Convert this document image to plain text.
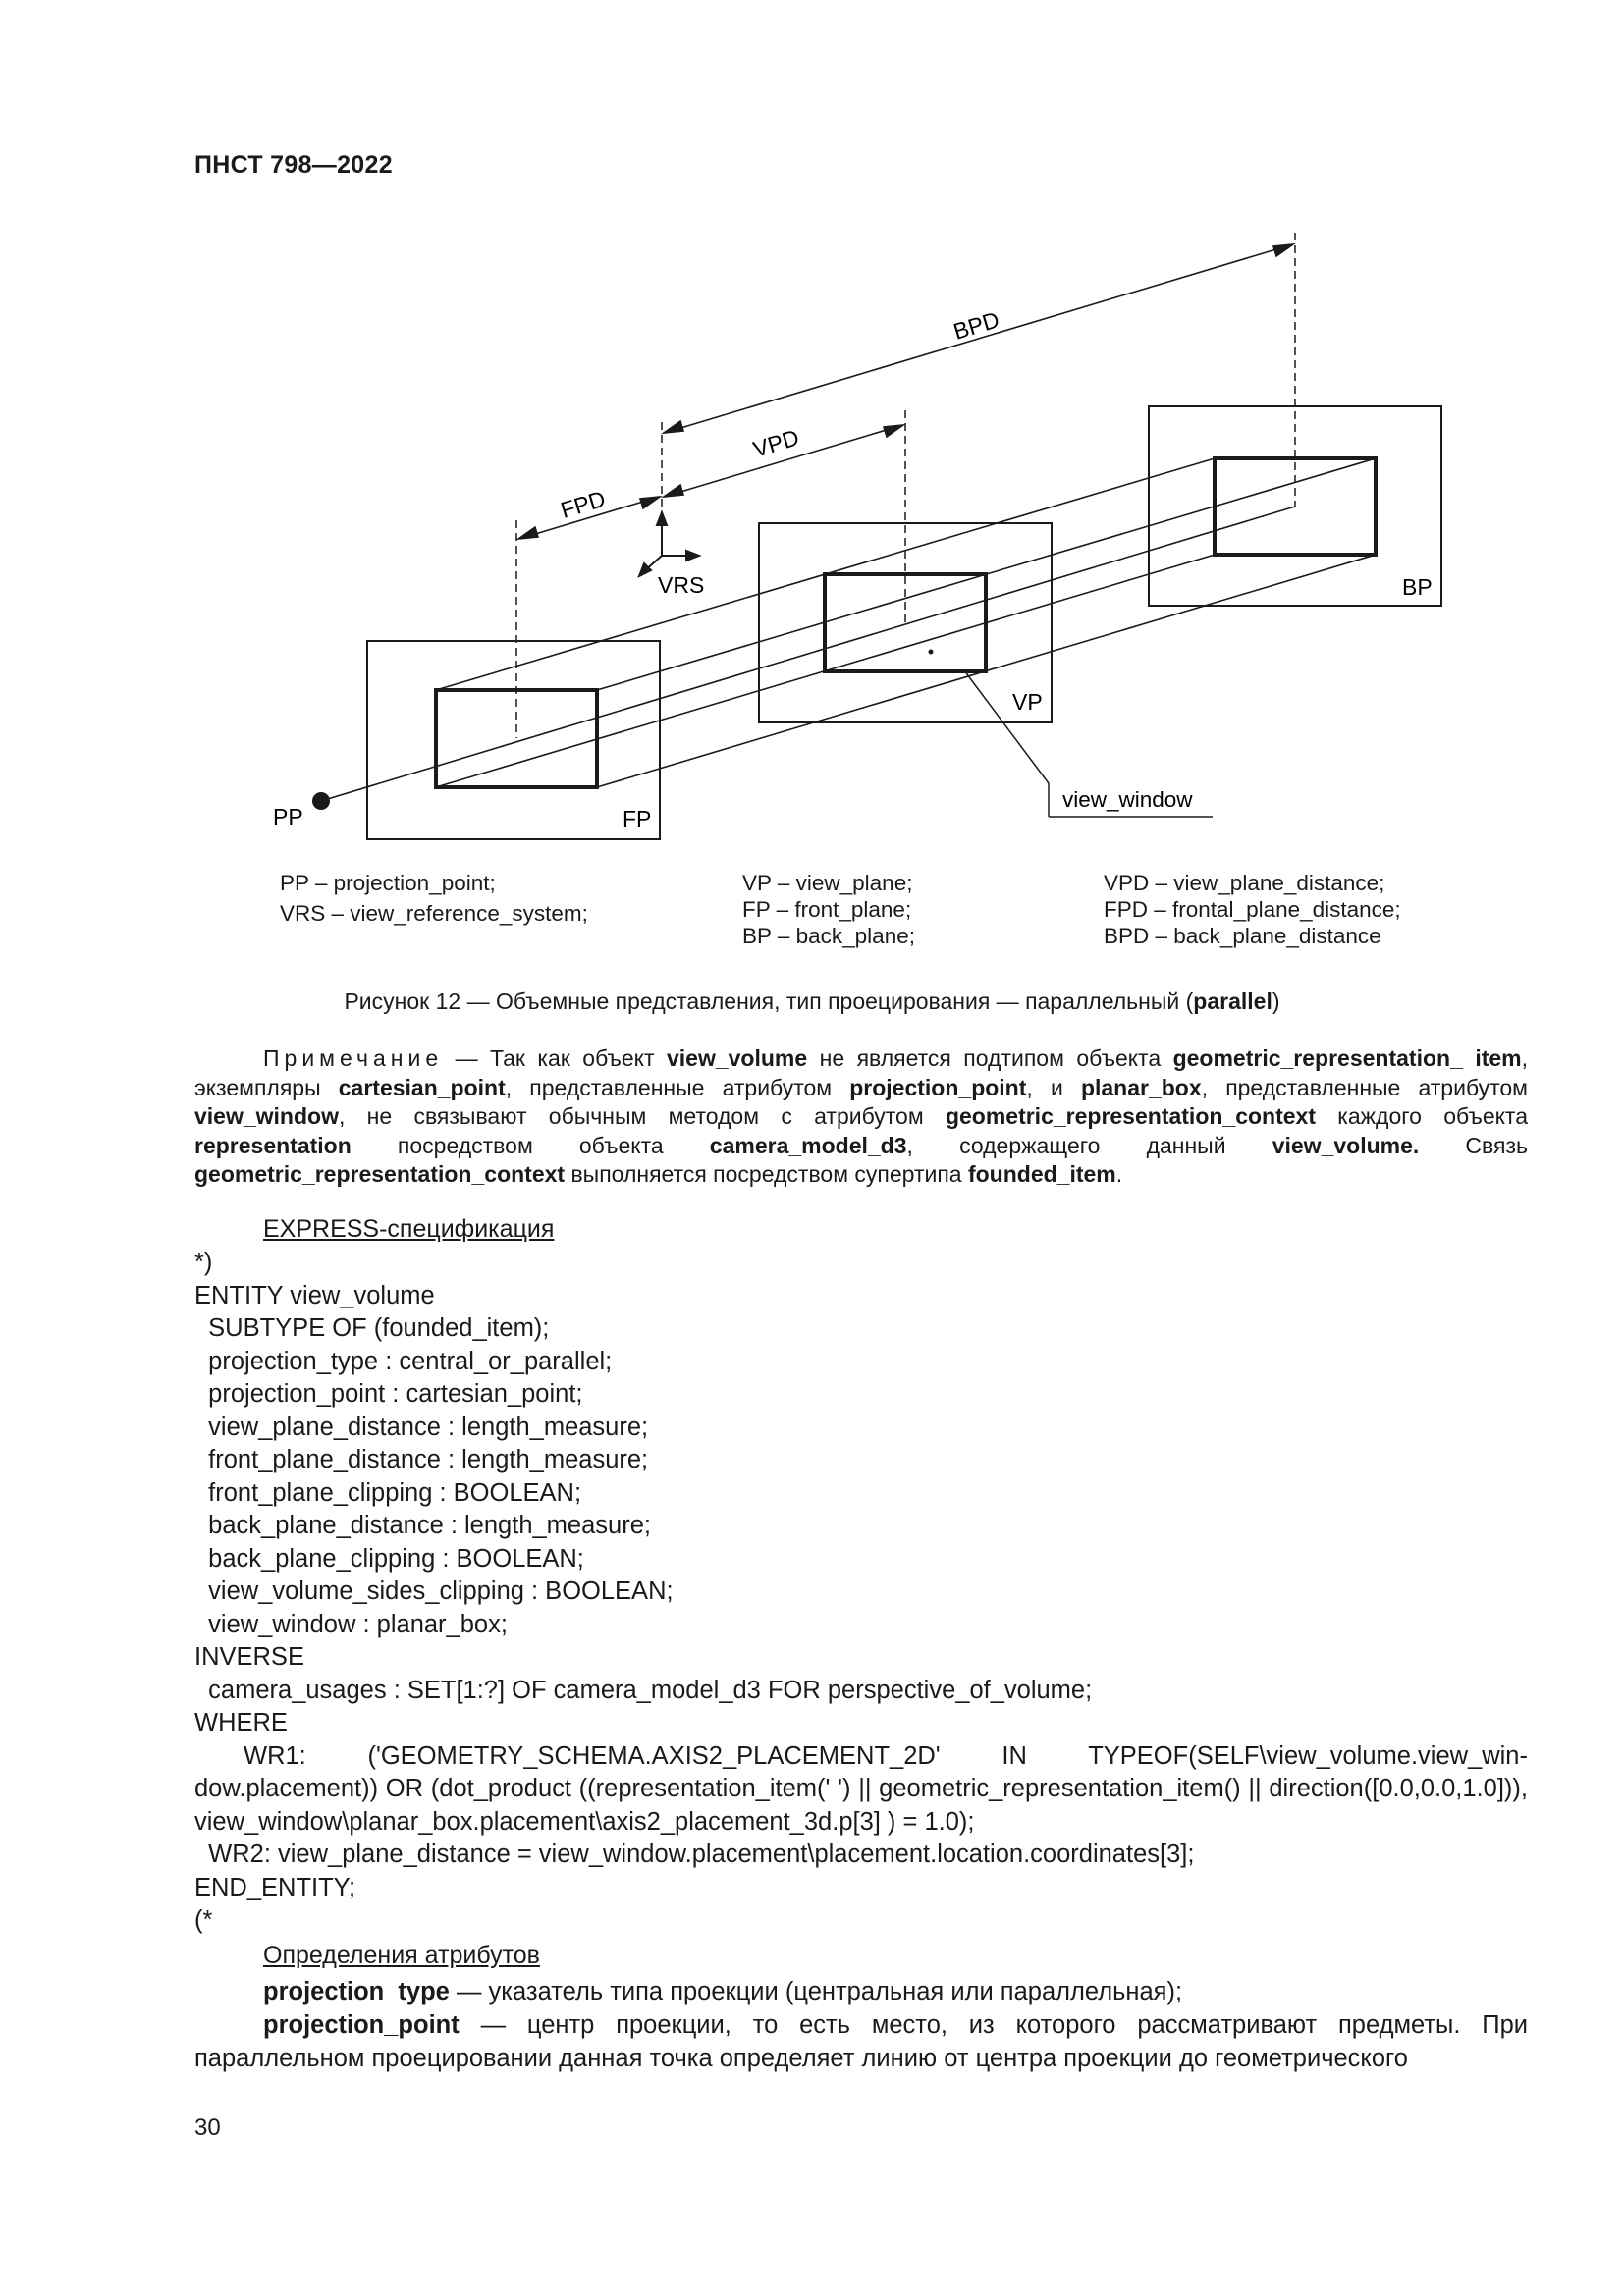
ПНСТ 798—2022
BPD
VPD
FPD
VRS	BP
VP
FP
PP
view_window
PP – projection_point;
VRS – view_reference_system;
VP – view_plane;
FP – front_plane;
BP – back_plane;
VPD – view_plane_distance;
FPD – frontal_plane_distance;
BPD – back_plane_distance
Рисунок 12 — Объемные представления, тип проецирования — параллельный (parallel)
Примечание — Так как объект view_volume не является подтипом объекта geometric_representation_ item, экземпляры cartesian_point, представленные атрибутом projection_point, и planar_box, представленные атрибутом view_window, не связывают обычным методом с атрибутом geometric_representation_context каждого объекта representation посредством объекта camera_model_d3, содержащего данный view_volume. Связь geometric_representation_context выполняется посредством супертипа founded_item.
EXPRESS-спецификация
*)
ENTITY view_volume
SUBTYPE OF (founded_item);
projection_type : central_or_parallel;
projection_point : cartesian_point;
view_plane_distance : length_measure;
front_plane_distance : length_measure;
front_plane_clipping : BOOLEAN;
back_plane_distance : length_measure;
back_plane_clipping : BOOLEAN;
view_volume_sides_clipping : BOOLEAN;
view_window : planar_box;
INVERSE
camera_usages : SET[1:?] OF camera_model_d3 FOR perspective_of_volume;
WHERE
WR1: ('GEOMETRY_SCHEMA.AXIS2_PLACEMENT_2D' IN TYPEOF(SELF\view_volume.view_window.placement)) OR (dot_product ((representation_item(' ') || geometric_representation_item() || direction([0.0,0.0,1.0])), view_window\planar_box.placement\axis2_placement_3d.p[3] ) = 1.0);
WR2: view_plane_distance = view_window.placement\placement.location.coordinates[3];
END_ENTITY;
(*
Определения атрибутов

projection_type — указатель типа проекции (центральная или параллельная);

projection_point — центр проекции, то есть место, из которого рассматривают предметы. При параллельном проецировании данная точка определяет линию от центра проекции до геометрического

30
